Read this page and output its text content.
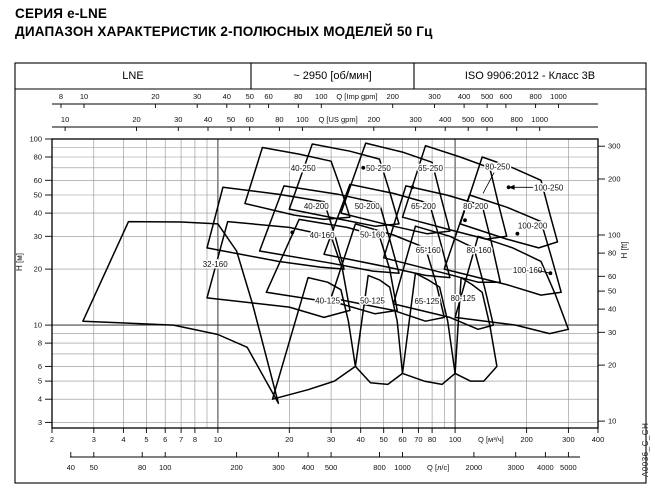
32-160
40-125 50-125	65-125 80-125
40-160	50-160
65-160	80-160
100-160
40-200	50-200	65-200	80-200
100-200
40-250	50-250	65-250	80-250
100-250
8 10	20	30	40 50 60	80 100	200	300 400 500 600 800 1000
Q [Imp gpm]
10	20	30	40 50 60	80 100	200	300 400 500 600 800 1000
Q [US gpm]
2	3	4	5 6 7 8 10	20	30	40 50 60 70 80 100	200	300 400
Q [м³/ч]
40 50	80 100	200	300 400 500	800 1000	2000	3000 4000 5000
Q [л/с]
100
80
60
50
40
30
20
10
8
6
5
4
3
H [м]
300
200
100
80
60
50
40
30
20
10
H [ft]
СЕРИЯ e-LNE
ДИАПАЗОН ХАРАКТЕРИСТИК 2-ПОЛЮСНЫХ МОДЕЛЕЙ 50 Гц
LNE	~ 2950 [об/мин]	ISO 9906:2012 - Класс 3В
A0036_C_CH
